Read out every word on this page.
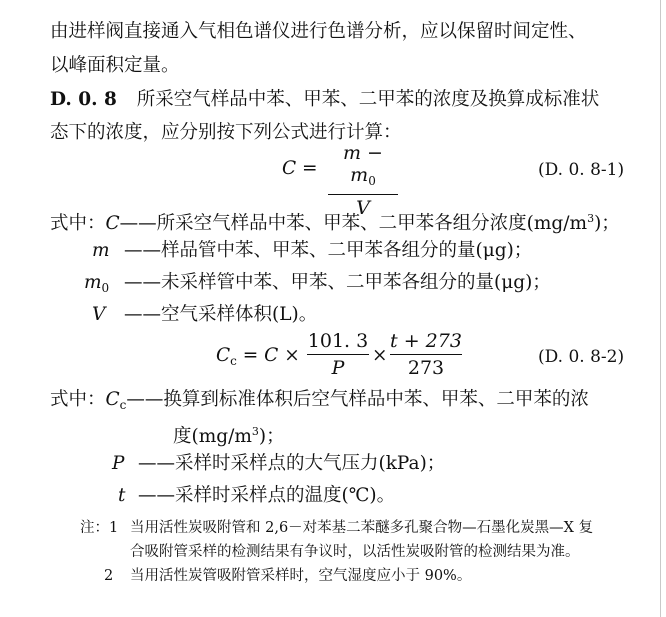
由进样阀直接通入气相色谱仪进行色谱分析，应以保留时间定性、
以峰面积定量。
D. 0. 8 所采空气样品中苯、甲苯、二甲苯的浓度及换算成标准状
态下的浓度，应分别按下列公式进行计算：
C =
$m - m_0$
V
(D. 0. 8-1)
式中：C——所采空气样品中苯、甲苯、二甲苯各组分浓度$(mg/m^3)$；
m ——样品管中苯、甲苯、二甲苯各组分的量(μg)；
$m_0$ ——未采样管中苯、甲苯、二甲苯各组分的量(μg)；
V ——空气采样体积(L)。
$C_c = C$ ×
101. 3
P
×
t + 273
273	(D. 0. 8-2)
式中：$C_c——$换算到标准体积后空气样品中苯、甲苯、二甲苯的浓
度$(mg/m^3)$；
P ——采样时采样点的大气压力(kPa)；
t ——采样时采样点的温度(℃)。
注：1 当用活性炭吸附管和 2,6－对苯基二苯醚多孔聚合物—石墨化炭黑—X 复
合吸附管采样的检测结果有争议时，以活性炭吸附管的检测结果为准。
2 当用活性炭管吸附管采样时，空气湿度应小于 90%。
